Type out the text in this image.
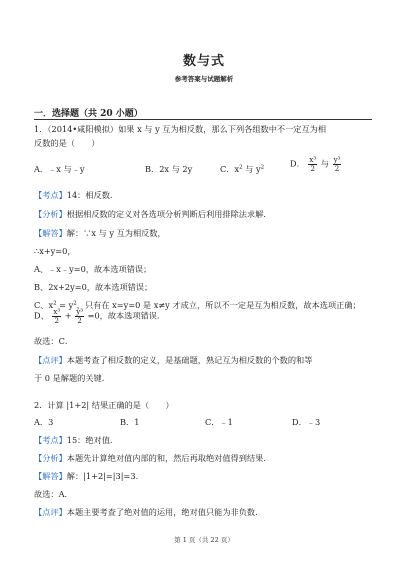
数与式
参考答案与试题解析
一．选择题（共 20 小题）
1．（2014•咸阳模拟）如果 x 与 y 互为相反数，那么下列各组数中不一定互为相
反数的是（　　）
A．﹣x 与﹣y	B．2x 与 2y	C．$x^2$ 与 $y^2$	D． $\frac{\text{x³}}{2}$ 与 $\frac{\text{y³}}{2}$
【考点】14：相反数.
【分析】根据相反数的定义对各选项分析判断后利用排除法求解.
【解答】解：∵x 与 y 互为相反数，
∴x+y=0，
A、﹣x﹣y=0，故本选项错误；
B、2x+2y=0，故本选项错误；
C、$x^2 = y^2$，只有在 x=y=0 是 x≠y 才成立，所以不一定是互为相反数，故本选项正确；
D、 $\frac{\text{x³}}{2} + \frac{\text{y³}}{2} =0$，故本选项错误.
故选：C．
【点评】本题考查了相反数的定义，是基础题，熟记互为相反数的个数的和等
于 0 是解题的关键.
2．计算 |1+2| 结果正确的是（　　）
A．3	B．1	C．﹣1	D．﹣3
【考点】15：绝对值.
【分析】本题先计算绝对值内部的和，然后再取绝对值得到结果.
【解答】解：|1+2|=|3|=3.
故选：A．
【点评】本题主要考查了绝对值的运用，绝对值只能为非负数.
第 1 页（共 22 页）
